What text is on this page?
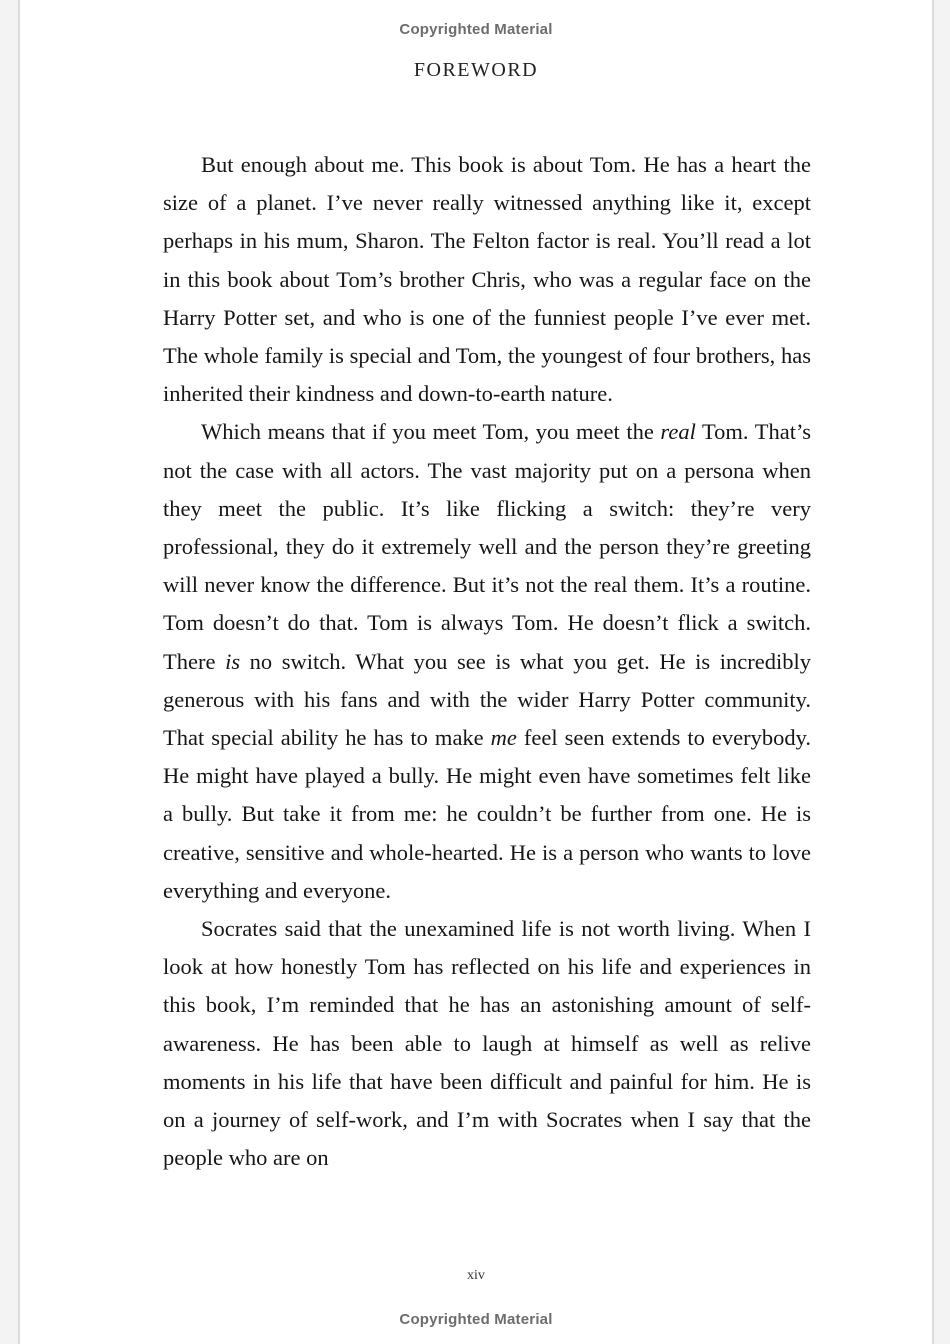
Copyrighted Material
FOREWORD

But enough about me. This book is about Tom. He has a heart the size of a planet. I’ve never really witnessed anything like it, except perhaps in his mum, Sharon. The Felton factor is real. You’ll read a lot in this book about Tom’s brother Chris, who was a regular face on the Harry Potter set, and who is one of the funniest people I’ve ever met. The whole family is special and Tom, the youngest of four brothers, has inherited their kindness and down-to-earth nature.

Which means that if you meet Tom, you meet the real Tom. That’s not the case with all actors. The vast majority put on a persona when they meet the public. It’s like flicking a switch: they’re very professional, they do it extremely well and the person they’re greeting will never know the difference. But it’s not the real them. It’s a routine. Tom doesn’t do that. Tom is always Tom. He doesn’t flick a switch. There is no switch. What you see is what you get. He is incredibly generous with his fans and with the wider Harry Potter community. That special ability he has to make me feel seen extends to everybody. He might have played a bully. He might even have sometimes felt like a bully. But take it from me: he couldn’t be further from one. He is creative, sensitive and whole-hearted. He is a person who wants to love everything and everyone.

Socrates said that the unexamined life is not worth living. When I look at how honestly Tom has reflected on his life and experiences in this book, I’m reminded that he has an astonishing amount of self-awareness. He has been able to laugh at himself as well as relive moments in his life that have been difficult and painful for him. He is on a journey of self-work, and I’m with Socrates when I say that the people who are on

xiv
Copyrighted Material
